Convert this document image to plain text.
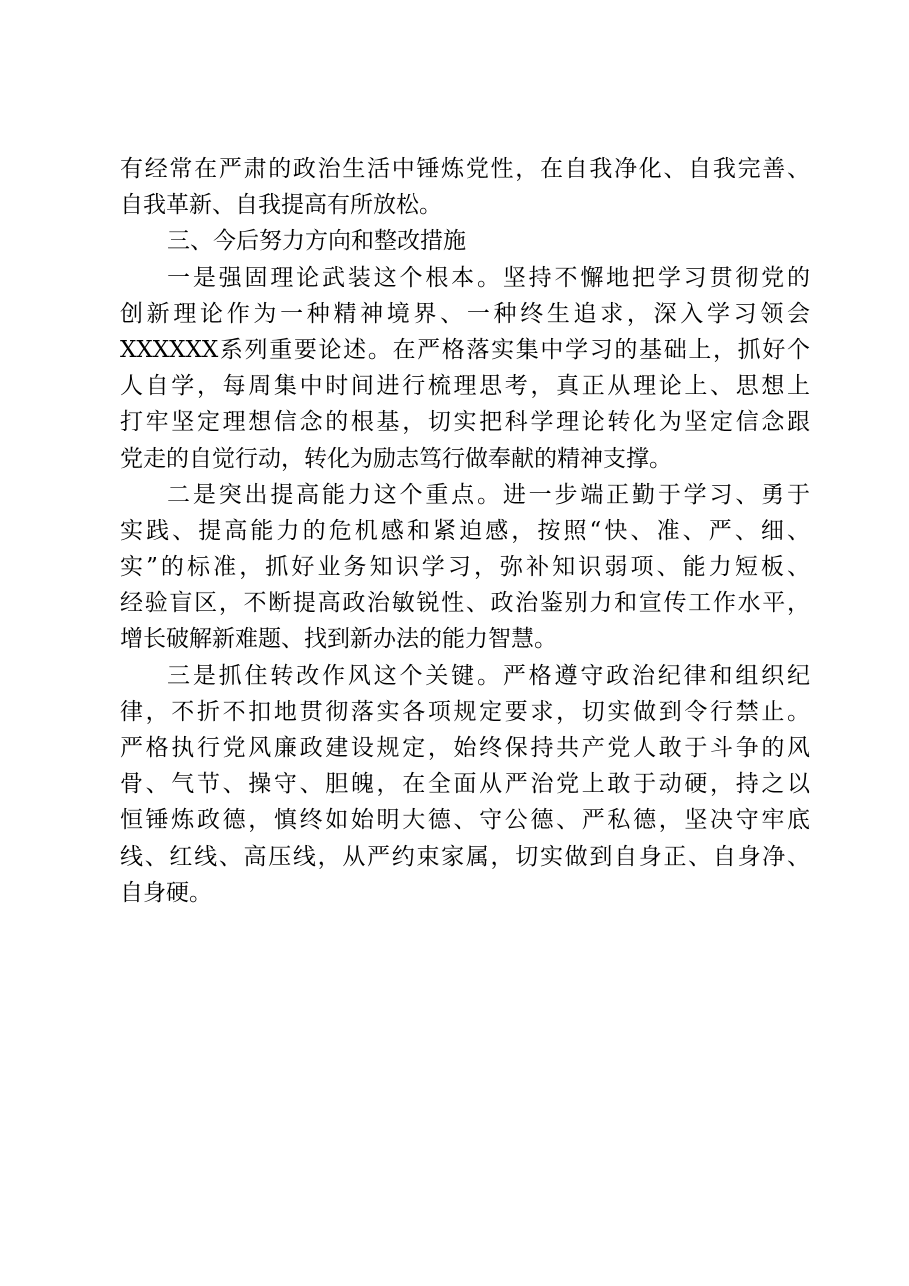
有经常在严肃的政治生活中锤炼党性，在自我净化、自我完善、
自我革新、自我提高有所放松。
三、今后努力方向和整改措施
一是强固理论武装这个根本。坚持不懈地把学习贯彻党的
创新理论作为一种精神境界、一种终生追求，深入学习领会
XXXXXX系列重要论述。在严格落实集中学习的基础上，抓好个
人自学，每周集中时间进行梳理思考，真正从理论上、思想上
打牢坚定理想信念的根基，切实把科学理论转化为坚定信念跟
党走的自觉行动，转化为励志笃行做奉献的精神支撑。
二是突出提高能力这个重点。进一步端正勤于学习、勇于
实践、提高能力的危机感和紧迫感，按照“快、准、严、细、
实”的标准，抓好业务知识学习，弥补知识弱项、能力短板、
经验盲区，不断提高政治敏锐性、政治鉴别力和宣传工作水平，
增长破解新难题、找到新办法的能力智慧。
三是抓住转改作风这个关键。严格遵守政治纪律和组织纪
律，不折不扣地贯彻落实各项规定要求，切实做到令行禁止。
严格执行党风廉政建设规定，始终保持共产党人敢于斗争的风
骨、气节、操守、胆魄，在全面从严治党上敢于动硬，持之以
恒锤炼政德，慎终如始明大德、守公德、严私德，坚决守牢底
线、红线、高压线，从严约束家属，切实做到自身正、自身净、
自身硬。
